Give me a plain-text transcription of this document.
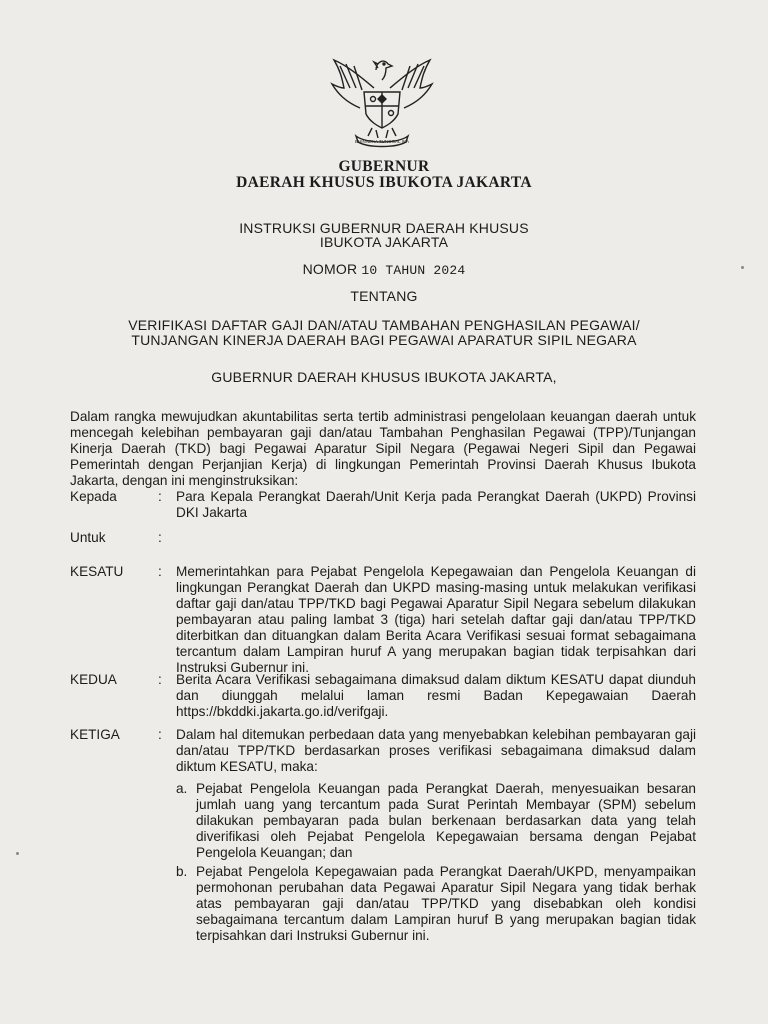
BHINNEKA TUNGGAL IKA

GUBERNUR

DAERAH KHUSUS IBUKOTA JAKARTA

INSTRUKSI GUBERNUR DAERAH KHUSUS

IBUKOTA JAKARTA

NOMOR 10 TAHUN 2024

TENTANG

VERIFIKASI DAFTAR GAJI DAN/ATAU TAMBAHAN PENGHASILAN PEGAWAI/

TUNJANGAN KINERJA DAERAH BAGI PEGAWAI APARATUR SIPIL NEGARA

GUBERNUR DAERAH KHUSUS IBUKOTA JAKARTA,

Dalam rangka mewujudkan akuntabilitas serta tertib administrasi pengelolaan keuangan daerah untuk mencegah kelebihan pembayaran gaji dan/atau Tambahan Penghasilan Pegawai (TPP)/Tunjangan Kinerja Daerah (TKD) bagi Pegawai Aparatur Sipil Negara (Pegawai Negeri Sipil dan Pegawai Pemerintah dengan Perjanjian Kerja) di lingkungan Pemerintah Provinsi Daerah Khusus Ibukota Jakarta, dengan ini menginstruksikan:

Kepada	: Para Kepala Perangkat Daerah/Unit Kerja pada Perangkat Daerah (UKPD) Provinsi DKI Jakarta
Untuk	:
KESATU	: Memerintahkan para Pejabat Pengelola Kepegawaian dan Pengelola Keuangan di lingkungan Perangkat Daerah dan UKPD masing-masing untuk melakukan verifikasi daftar gaji dan/atau TPP/TKD bagi Pegawai Aparatur Sipil Negara sebelum dilakukan pembayaran atau paling lambat 3 (tiga) hari setelah daftar gaji dan/atau TPP/TKD diterbitkan dan dituangkan dalam Berita Acara Verifikasi sesuai format sebagaimana tercantum dalam Lampiran huruf A yang merupakan bagian tidak terpisahkan dari Instruksi Gubernur ini.
KEDUA	: Berita Acara Verifikasi sebagaimana dimaksud dalam diktum KESATU dapat diunduh dan diunggah melalui laman resmi Badan Kepegawaian Daerah https://bkddki.jakarta.go.id/verifgaji.
KETIGA	: Dalam hal ditemukan perbedaan data yang menyebabkan kelebihan pembayaran gaji dan/atau TPP/TKD berdasarkan proses verifikasi sebagaimana dimaksud dalam diktum KESATU, maka:
a. Pejabat Pengelola Keuangan pada Perangkat Daerah, menyesuaikan besaran jumlah uang yang tercantum pada Surat Perintah Membayar (SPM) sebelum dilakukan pembayaran pada bulan berkenaan berdasarkan data yang telah diverifikasi oleh Pejabat Pengelola Kepegawaian bersama dengan Pejabat Pengelola Keuangan; dan
b. Pejabat Pengelola Kepegawaian pada Perangkat Daerah/UKPD, menyampaikan permohonan perubahan data Pegawai Aparatur Sipil Negara yang tidak berhak atas pembayaran gaji dan/atau TPP/TKD yang disebabkan oleh kondisi sebagaimana tercantum dalam Lampiran huruf B yang merupakan bagian tidak terpisahkan dari Instruksi Gubernur ini.
